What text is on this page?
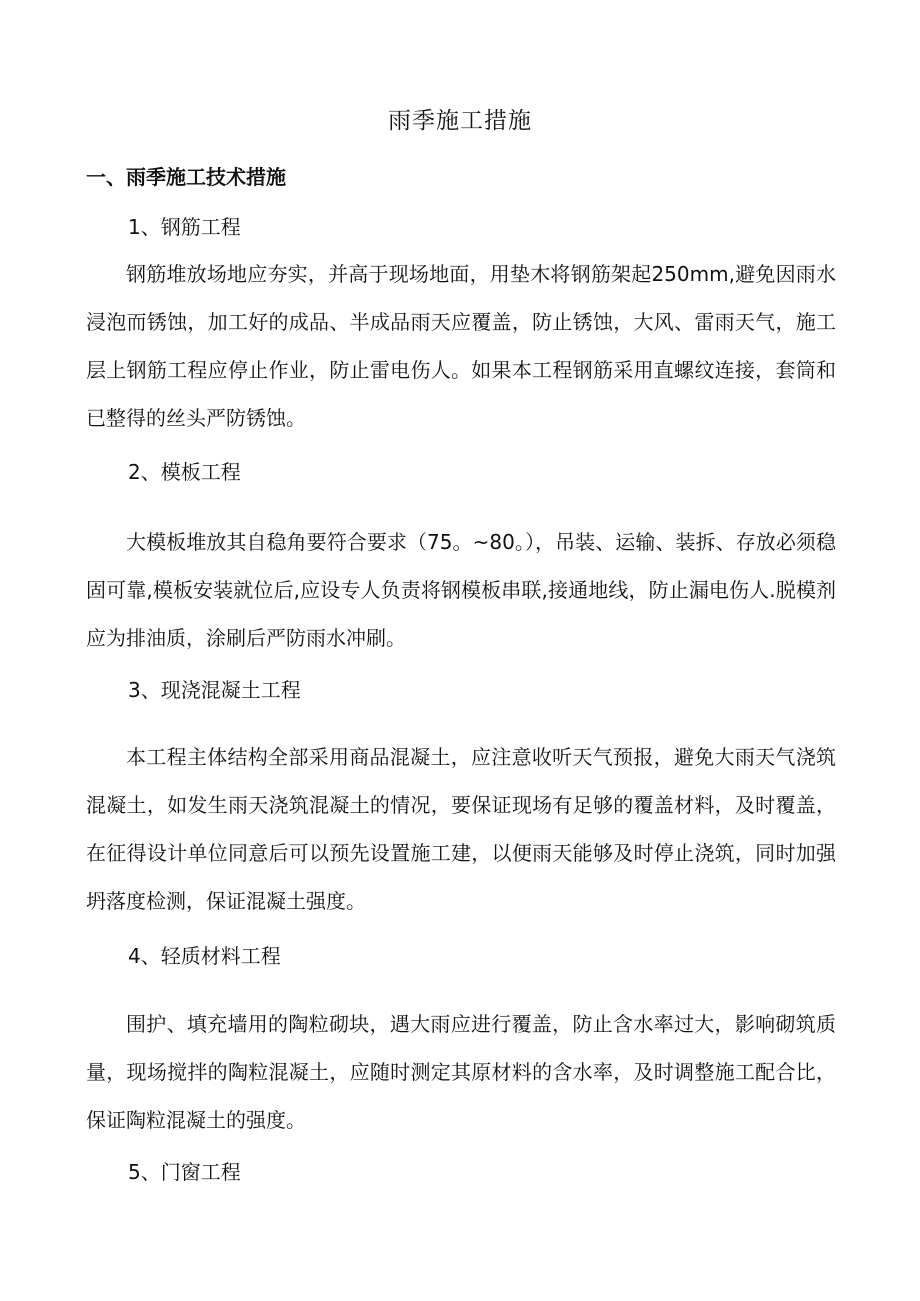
雨季施工措施
一、雨季施工技术措施
1、钢筋工程

钢筋堆放场地应夯实，并高于现场地面，用垫木将钢筋架起250mm,避免因雨水浸泡而锈蚀，加工好的成品、半成品雨天应覆盖，防止锈蚀，大风、雷雨天气，施工层上钢筋工程应停止作业，防止雷电伤人。如果本工程钢筋采用直螺纹连接，套筒和已整得的丝头严防锈蚀。

2、模板工程

大模板堆放其自稳角要符合要求（75。~80。），吊装、运输、装拆、存放必须稳固可靠,模板安装就位后,应设专人负责将钢模板串联,接通地线，防止漏电伤人.脱模剂应为排油质，涂刷后严防雨水冲刷。

3、现浇混凝土工程

本工程主体结构全部采用商品混凝土，应注意收听天气预报，避免大雨天气浇筑混凝土，如发生雨天浇筑混凝土的情况，要保证现场有足够的覆盖材料，及时覆盖，在征得设计单位同意后可以预先设置施工建，以便雨天能够及时停止浇筑，同时加强坍落度检测，保证混凝土强度。

4、轻质材料工程

围护、填充墙用的陶粒砌块，遇大雨应进行覆盖，防止含水率过大，影响砌筑质量，现场搅拌的陶粒混凝土，应随时测定其原材料的含水率，及时调整施工配合比，保证陶粒混凝土的强度。

5、门窗工程
